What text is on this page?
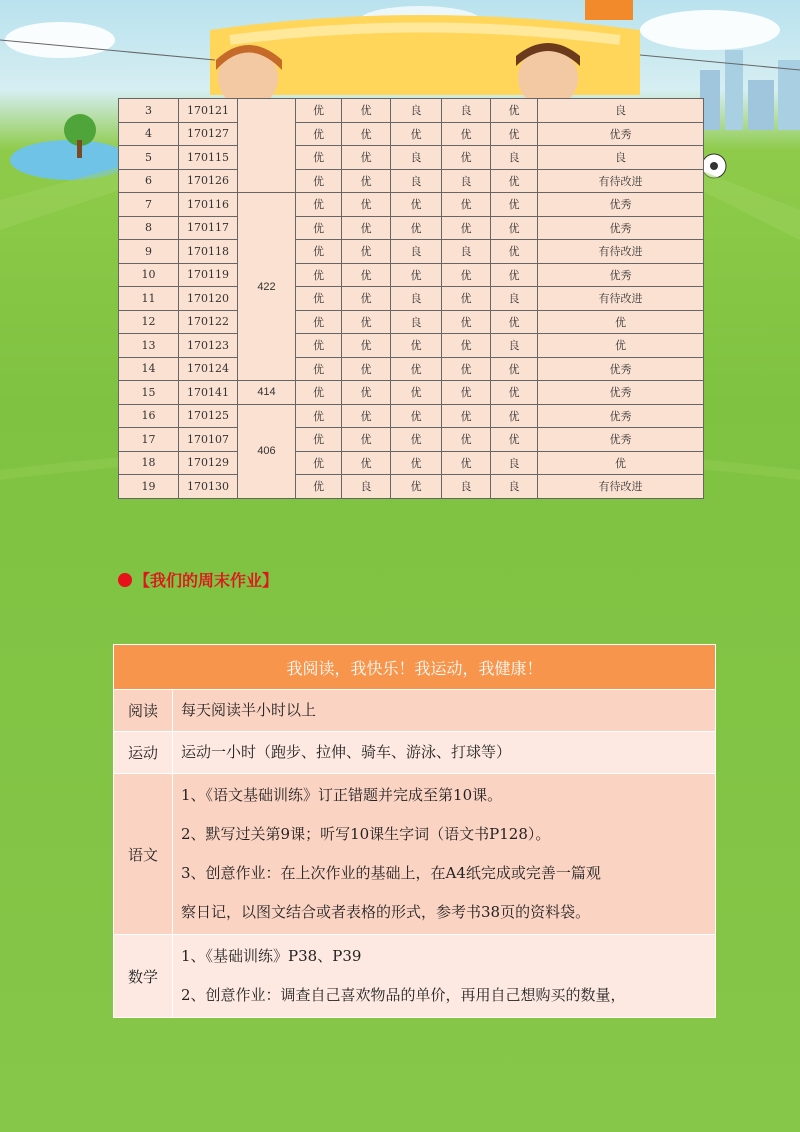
3	170121		优	优	良	良	优	良
4	170127		优	优	优	优	优	优秀
5	170115		优	优	良	优	良	良
6	170126		优	优	良	良	优	有待改进
7	170116	422	优	优	优	优	优	优秀
8	170117		优	优	优	优	优	优秀
9	170118		优	优	良	良	优	有待改进
10	170119		优	优	优	优	优	优秀
11	170120		优	优	良	优	良	有待改进
12	170122		优	优	良	优	优	优
13	170123		优	优	优	优	良	优
14	170124		优	优	优	优	优	优秀
15	170141	414	优	优	优	优	优	优秀
16	170125	406	优	优	优	优	优	优秀
17	170107		优	优	优	优	优	优秀
18	170129		优	优	优	优	良	优
19	170130		优	良	优	良	良	有待改进
【我们的周末作业】
我阅读，我快乐！我运动，我健康！	
阅读	每天阅读半小时以上
运动	运动一小时（跑步、拉伸、骑车、游泳、打球等）
语文	1、《语文基础训练》订正错题并完成至第10课。
2、默写过关第9课；听写10课生字词（语文书P128）。
3、创意作业：在上次作业的基础上，在A4纸完成或完善一篇观
察日记，以图文结合或者表格的形式，参考书38页的资料袋。

数学	1、《基础训练》P38、P39
2、创意作业：调查自己喜欢物品的单价，再用自己想购买的数量，
